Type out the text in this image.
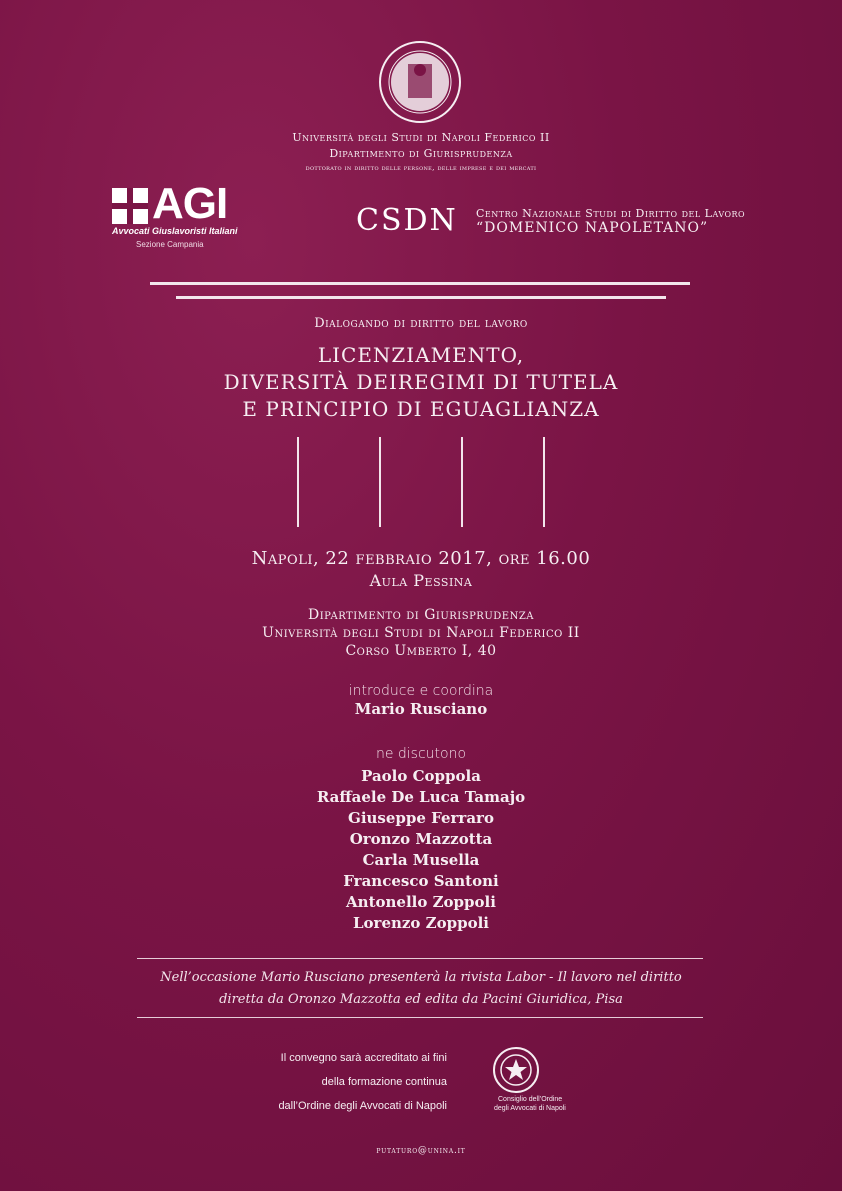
Università degli Studi di Napoli Federico II
Dipartimento di Giurisprudenza
dottorato in diritto delle persone, delle imprese e dei mercati
AGI
Avvocati Giuslavoristi Italiani
Sezione Campania
CSDN Centro Nazionale Studi di Diritto del Lavoro
“DOMENICO NAPOLETANO”
Dialogando di diritto del lavoro
LICENZIAMENTO,
DIVERSITÀ DEIREGIMI DI TUTELA
E PRINCIPIO DI EGUAGLIANZA
Napoli, 22 febbraio 2017, ore 16.00
Aula Pessina
Dipartimento di Giurisprudenza
Università degli Studi di Napoli Federico II
Corso Umberto I, 40
introduce e coordina
Mario Rusciano
ne discutono
Paolo Coppola
Raffaele De Luca Tamajo
Giuseppe Ferraro
Oronzo Mazzotta
Carla Musella
Francesco Santoni
Antonello Zoppoli
Lorenzo Zoppoli
Nell’occasione Mario Rusciano presenterà la rivista Labor - Il lavoro nel diritto
diretta da Oronzo Mazzotta ed edita da Pacini Giuridica, Pisa
Il convegno sarà accreditato ai fini
della formazione continua
dall’Ordine degli Avvocati di Napoli
Consiglio dell’Ordine
degli Avvocati di Napoli
putaturo@unina.it
